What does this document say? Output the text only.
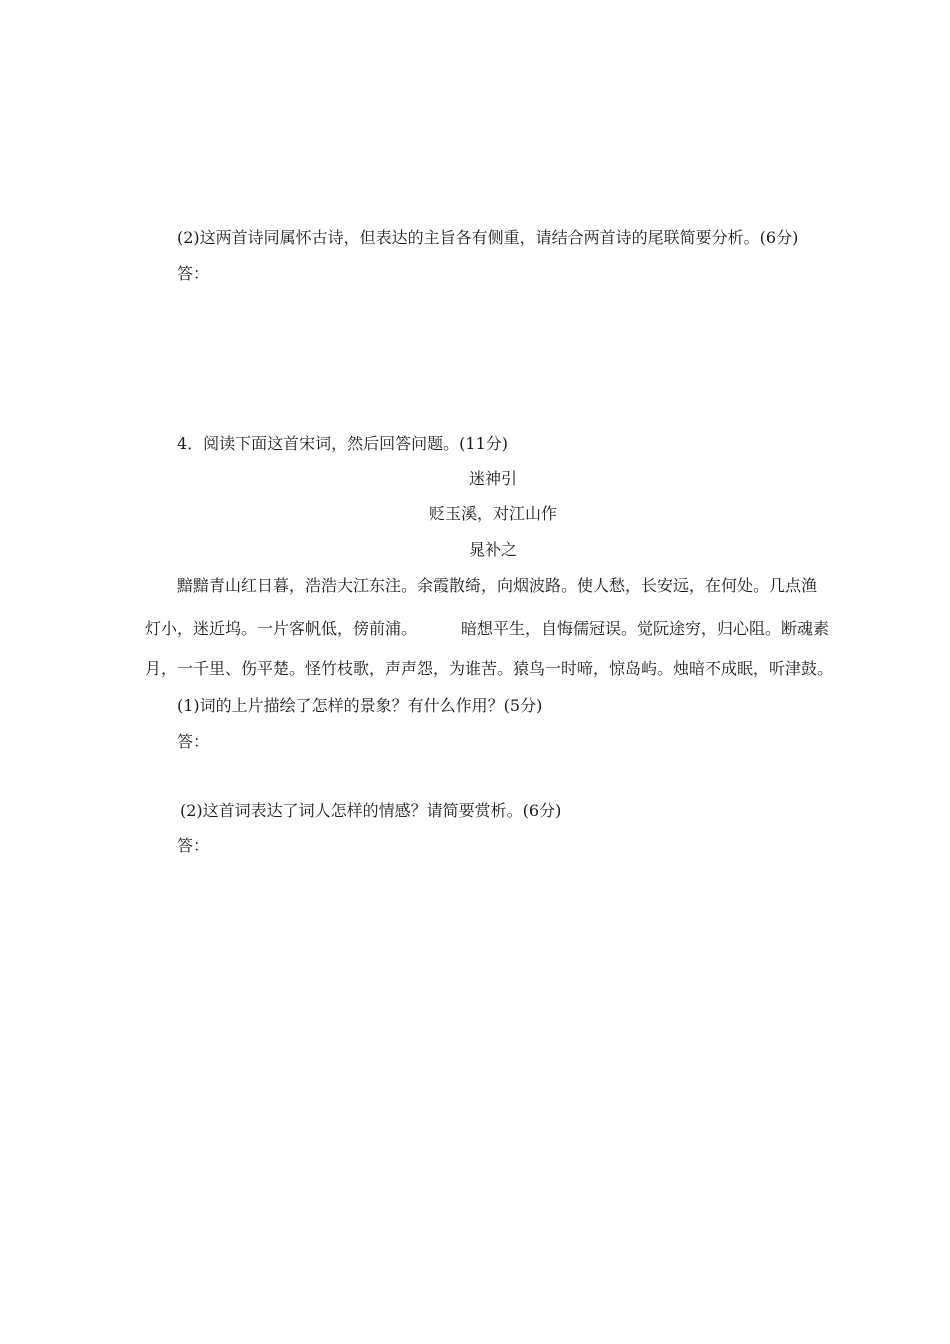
(2)这两首诗同属怀古诗，但表达的主旨各有侧重，请结合两首诗的尾联简要分析。(6分)
答：
4．阅读下面这首宋词，然后回答问题。(11分)
迷神引
贬玉溪，对江山作
晁补之
黯黯青山红日暮，浩浩大江东注。余霞散绮，向烟波路。使人愁，长安远，在何处。几点渔
灯小，迷近坞。一片客帆低，傍前浦。	暗想平生，自悔儒冠误。觉阮途穷，归心阻。断魂素
月，一千里、伤平楚。怪竹枝歌，声声怨，为谁苦。猿鸟一时啼，惊岛屿。烛暗不成眠，听津鼓。
(1)词的上片描绘了怎样的景象？有什么作用？(5分)
答：
(2)这首词表达了词人怎样的情感？请简要赏析。(6分)
答：
